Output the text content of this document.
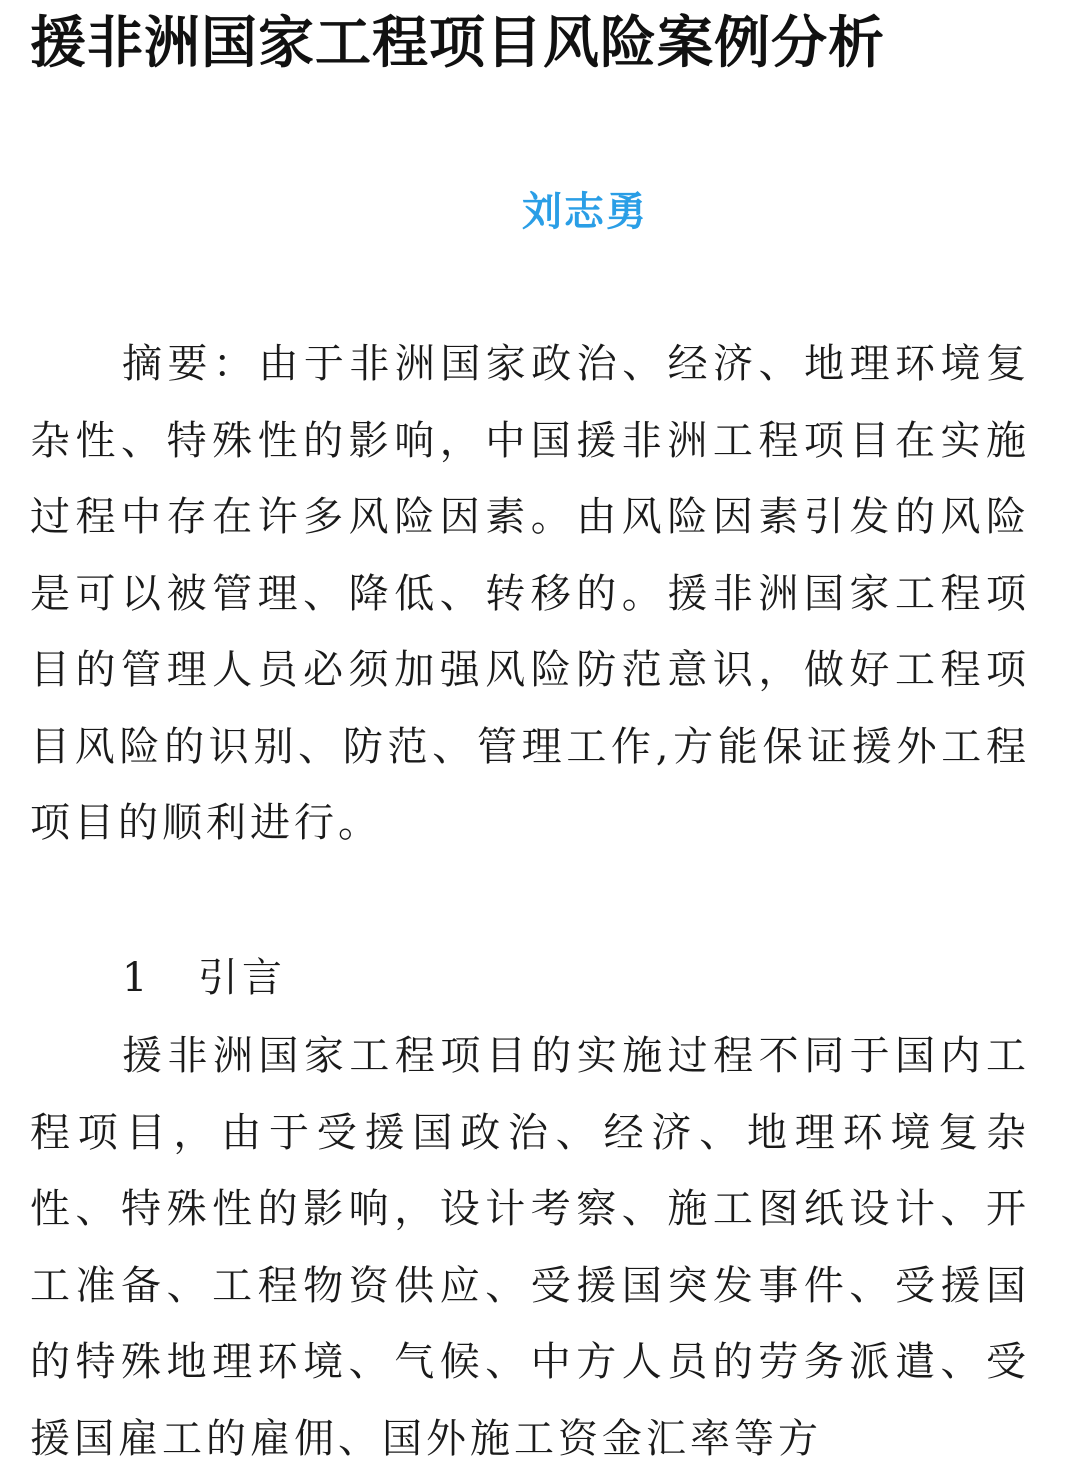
援非洲国家工程项目风险案例分析
刘志勇

摘要：由于非洲国家政治、经济、地理环境复杂性、特殊性的影响，中国援非洲工程项目在实施过程中存在许多风险因素。由风险因素引发的风险是可以被管理、降低、转移的。援非洲国家工程项目的管理人员必须加强风险防范意识，做好工程项目风险的识别、防范、管理工作,方能保证援外工程项目的顺利进行。

1 引言

援非洲国家工程项目的实施过程不同于国内工程项目，由于受援国政治、经济、地理环境复杂性、特殊性的影响，设计考察、施工图纸设计、开工准备、工程物资供应、受援国突发事件、受援国的特殊地理环境、气候、中方人员的劳务派遣、受援国雇工的雇佣、国外施工资金汇率等方
